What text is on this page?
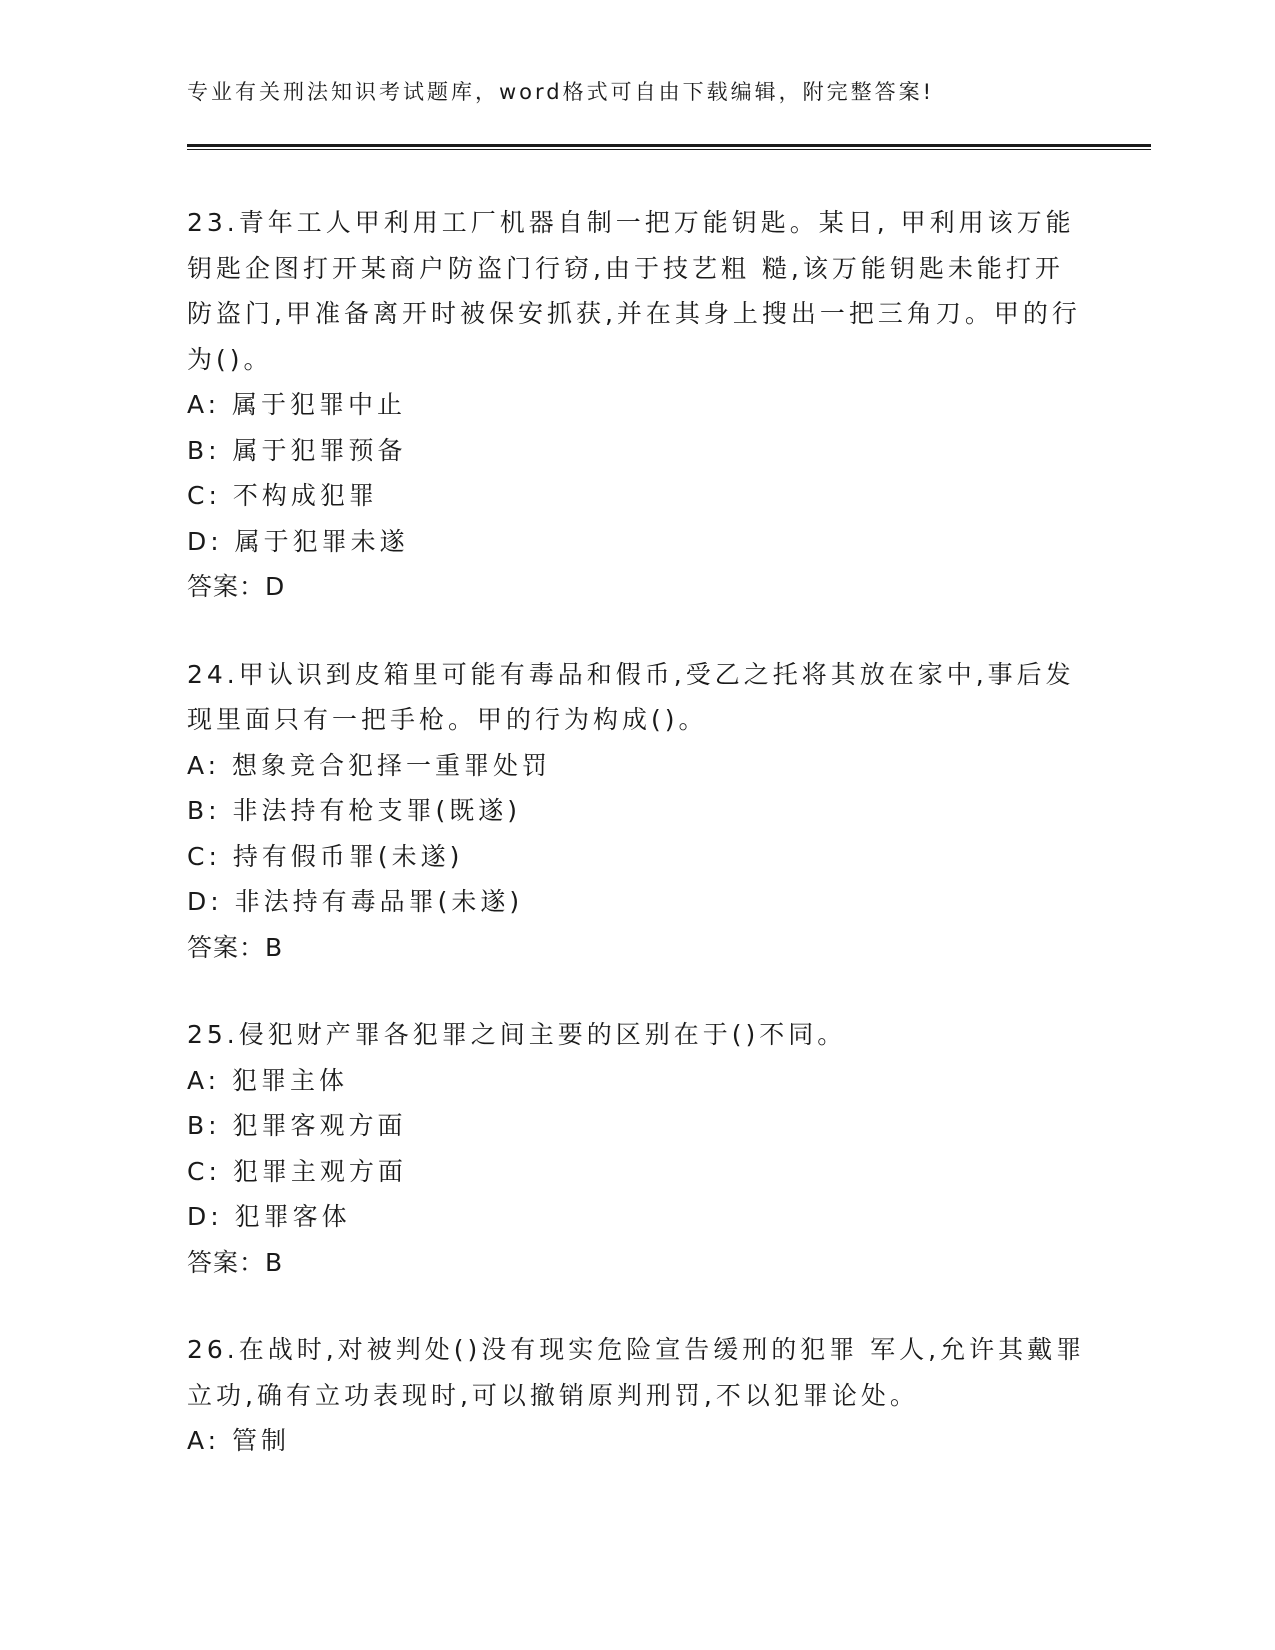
专业有关刑法知识考试题库，word格式可自由下载编辑，附完整答案!

23.青年工人甲利用工厂机器自制一把万能钥匙。某日, 甲利用该万能钥匙企图打开某商户防盗门行窃,由于技艺粗 糙,该万能钥匙未能打开防盗门,甲准备离开时被保安抓获,并在其身上搜出一把三角刀。甲的行为()。

A: 属于犯罪中止

B: 属于犯罪预备

C: 不构成犯罪

D: 属于犯罪未遂

答案：D

24.甲认识到皮箱里可能有毒品和假币,受乙之托将其放在家中,事后发现里面只有一把手枪。甲的行为构成()。

A: 想象竞合犯择一重罪处罚

B: 非法持有枪支罪(既遂)

C: 持有假币罪(未遂)

D: 非法持有毒品罪(未遂)

答案：B

25.侵犯财产罪各犯罪之间主要的区别在于()不同。

A: 犯罪主体

B: 犯罪客观方面

C: 犯罪主观方面

D: 犯罪客体

答案：B

26.在战时,对被判处()没有现实危险宣告缓刑的犯罪 军人,允许其戴罪立功,确有立功表现时,可以撤销原判刑罚,不以犯罪论处。

A: 管制
